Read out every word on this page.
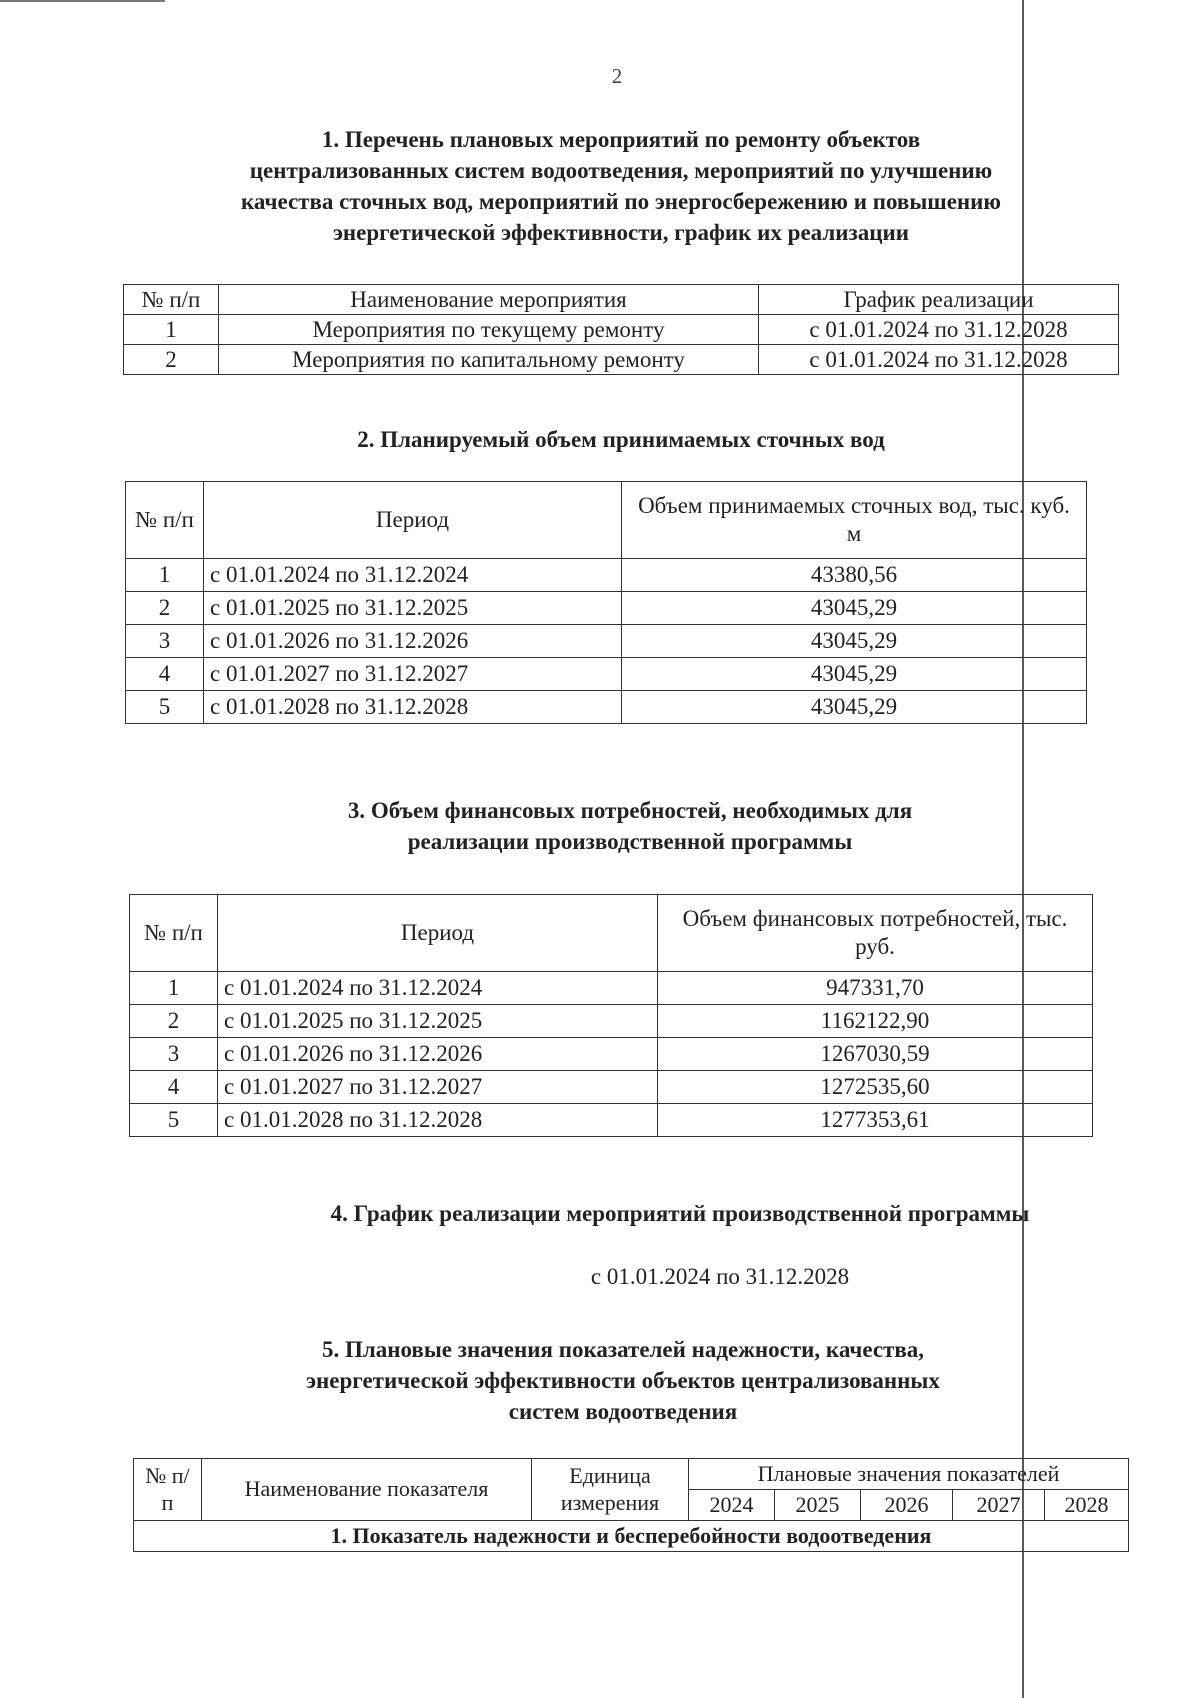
2
1. Перечень плановых мероприятий по ремонту объектов
централизованных систем водоотведения, мероприятий по улучшению
качества сточных вод, мероприятий по энергосбережению и повышению
энергетической эффективности, график их реализации
№ п/п	Наименование мероприятия	График реализации
1	Мероприятия по текущему ремонту	с 01.01.2024 по 31.12.2028
2	Мероприятия по капитальному ремонту	с 01.01.2024 по 31.12.2028
2. Планируемый объем принимаемых сточных вод
№ п/п	Период	Объем принимаемых сточных вод, тыс. куб. м
1	с 01.01.2024 по 31.12.2024	43380,56
2	с 01.01.2025 по 31.12.2025	43045,29
3	с 01.01.2026 по 31.12.2026	43045,29
4	с 01.01.2027 по 31.12.2027	43045,29
5	с 01.01.2028 по 31.12.2028	43045,29
3. Объем финансовых потребностей, необходимых для
реализации производственной программы
№ п/п	Период	Объем финансовых потребностей, тыс. руб.
1	с 01.01.2024 по 31.12.2024	947331,70
2	с 01.01.2025 по 31.12.2025	1162122,90
3	с 01.01.2026 по 31.12.2026	1267030,59
4	с 01.01.2027 по 31.12.2027	1272535,60
5	с 01.01.2028 по 31.12.2028	1277353,61
4. График реализации мероприятий производственной программы
с 01.01.2024 по 31.12.2028
5. Плановые значения показателей надежности, качества,
энергетической эффективности объектов централизованных
систем водоотведения
№ п/п	Наименование показателя	Единица измерения	Плановые значения показателей				
			2024	2025	2026	2027	2028
1. Показатель надежности и бесперебойности водоотведения							
